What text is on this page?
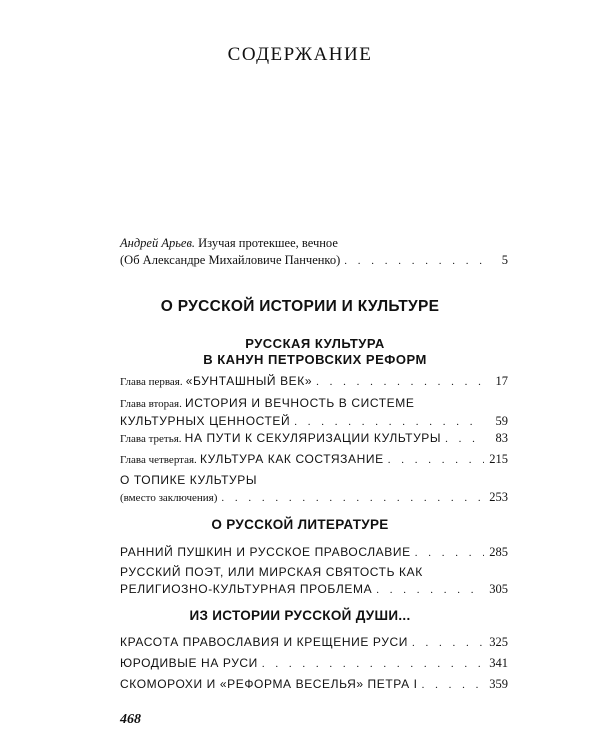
СОДЕРЖАНИЕ
Андрей Арьев. Изучая протекшее, вечное
(Об Александре Михайловиче Панченко) . . .	5
О РУССКОЙ ИСТОРИИ И КУЛЬТУРЕ
РУССКАЯ КУЛЬТУРА
В КАНУН ПЕТРОВСКИХ РЕФОРМ
Глава первая. «БУНТАШНЫЙ ВЕК» . . .	17
Глава вторая. ИСТОРИЯ И ВЕЧНОСТЬ В СИСТЕМЕ
КУЛЬТУРНЫХ ЦЕННОСТЕЙ . . .	59
Глава третья. НА ПУТИ К СЕКУЛЯРИЗАЦИИ КУЛЬТУРЫ . . .	83
Глава четвертая. КУЛЬТУРА КАК СОСТЯЗАНИЕ . . .	215
О ТОПИКЕ КУЛЬТУРЫ
(вместо заключения) . . .	253
О РУССКОЙ ЛИТЕРАТУРЕ
РАННИЙ ПУШКИН И РУССКОЕ ПРАВОСЛАВИЕ . . .	285
РУССКИЙ ПОЭТ, ИЛИ МИРСКАЯ СВЯТОСТЬ КАК
РЕЛИГИОЗНО-КУЛЬТУРНАЯ ПРОБЛЕМА . . .	305
ИЗ ИСТОРИИ РУССКОЙ ДУШИ...
КРАСОТА ПРАВОСЛАВИЯ И КРЕЩЕНИЕ РУСИ . . .	325
ЮРОДИВЫЕ НА РУСИ . . .	341
СКОМОРОХИ И «РЕФОРМА ВЕСЕЛЬЯ» ПЕТРА I . . .	359
468
